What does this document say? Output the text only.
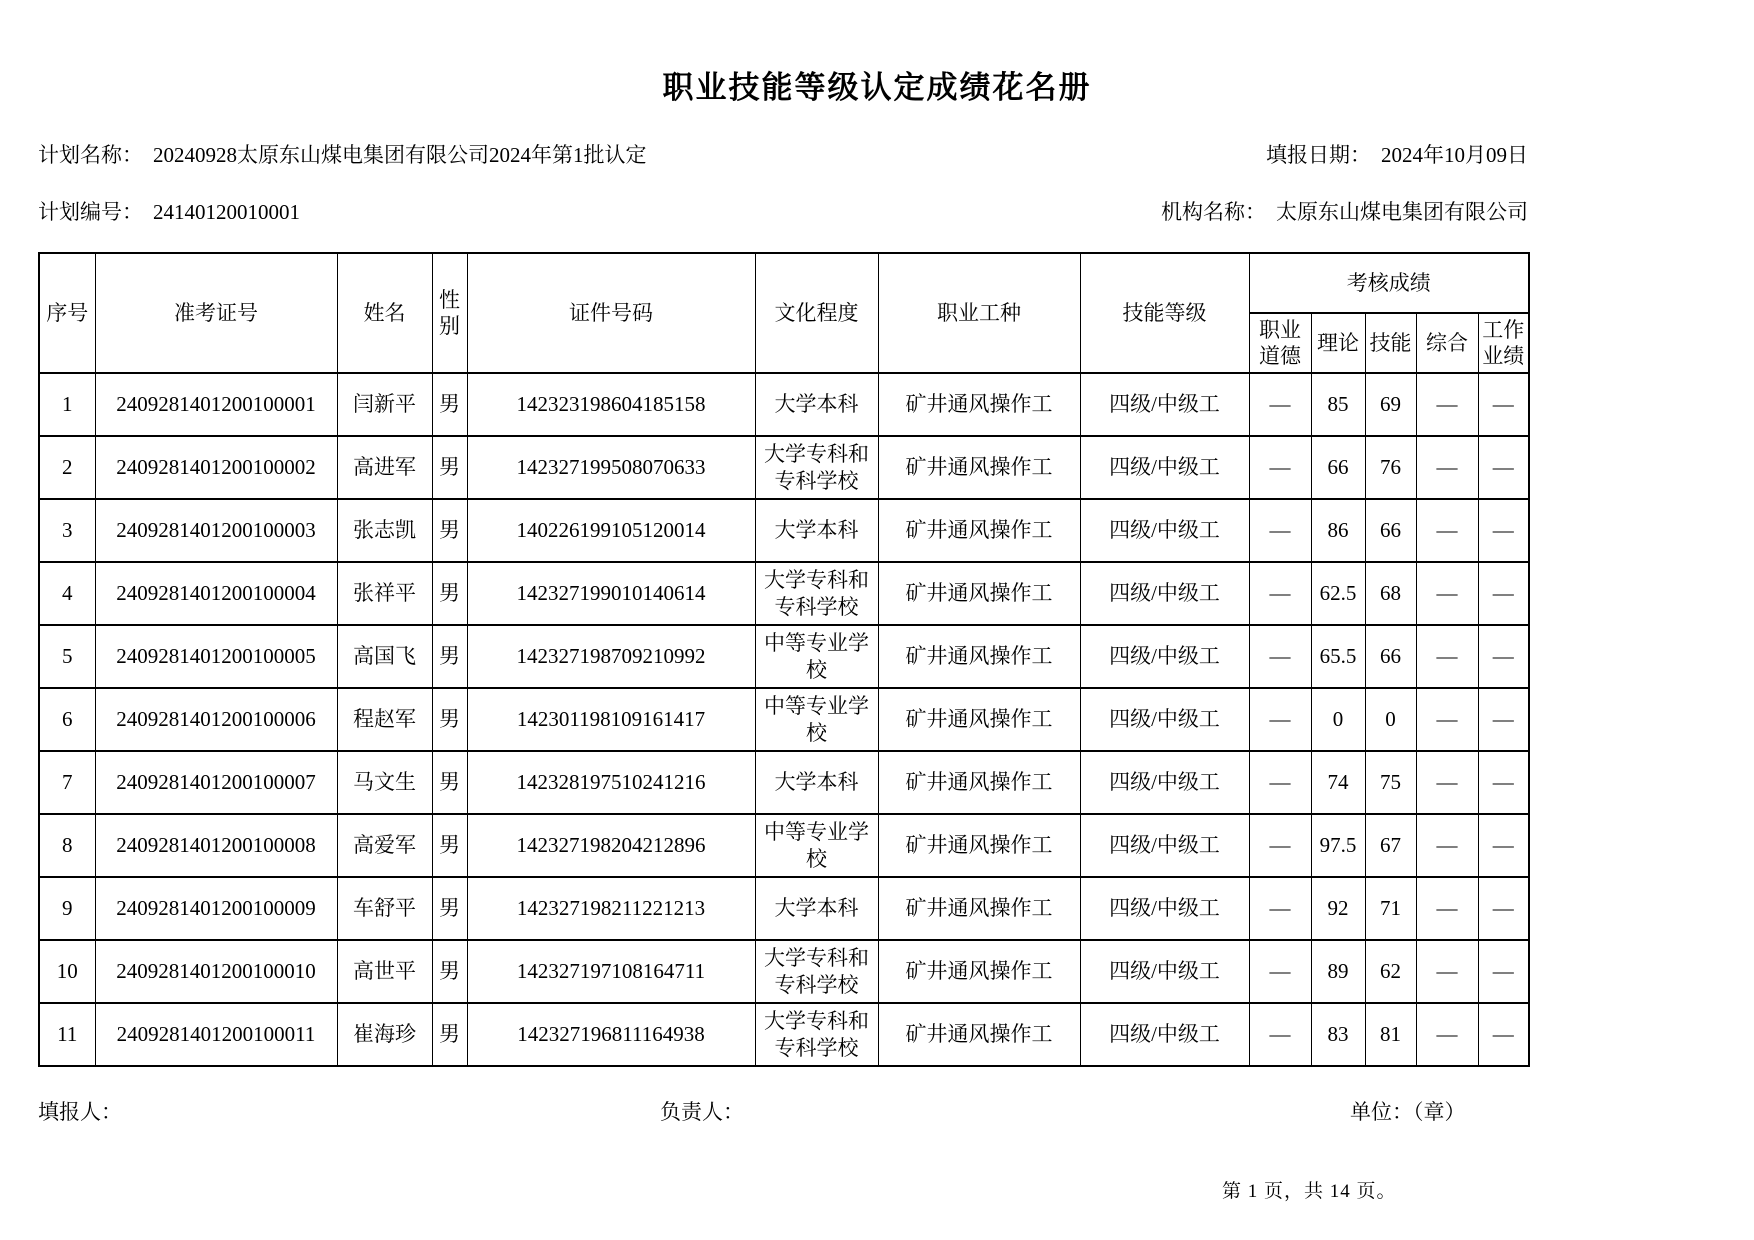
职业技能等级认定成绩花名册
计划名称： 20240928太原东山煤电集团有限公司2024年第1批认定	填报日期： 2024年10月09日
计划编号： 24140120010001	机构名称： 太原东山煤电集团有限公司
序号	准考证号	姓名	性别	证件号码	文化程度	职业工种	技能等级	考核成绩				
								职业道德	理论	技能	综合	工作业绩
1	2409281401200100001	闫新平	男	142323198604185158	大学本科	矿井通风操作工	四级/中级工	—	85	69	—	—
2	2409281401200100002	高进军	男	142327199508070633	大学专科和专科学校	矿井通风操作工	四级/中级工	—	66	76	—	—
3	2409281401200100003	张志凯	男	140226199105120014	大学本科	矿井通风操作工	四级/中级工	—	86	66	—	—
4	2409281401200100004	张祥平	男	142327199010140614	大学专科和专科学校	矿井通风操作工	四级/中级工	—	62.5	68	—	—
5	2409281401200100005	高国飞	男	142327198709210992	中等专业学校	矿井通风操作工	四级/中级工	—	65.5	66	—	—
6	2409281401200100006	程赵军	男	142301198109161417	中等专业学校	矿井通风操作工	四级/中级工	—	0	0	—	—
7	2409281401200100007	马文生	男	142328197510241216	大学本科	矿井通风操作工	四级/中级工	—	74	75	—	—
8	2409281401200100008	高爱军	男	142327198204212896	中等专业学校	矿井通风操作工	四级/中级工	—	97.5	67	—	—
9	2409281401200100009	车舒平	男	142327198211221213	大学本科	矿井通风操作工	四级/中级工	—	92	71	—	—
10	2409281401200100010	高世平	男	142327197108164711	大学专科和专科学校	矿井通风操作工	四级/中级工	—	89	62	—	—
11	2409281401200100011	崔海珍	男	142327196811164938	大学专科和专科学校	矿井通风操作工	四级/中级工	—	83	81	—	—
填报人：	负责人：	单位：（章）
第 1 页，共 14 页。
